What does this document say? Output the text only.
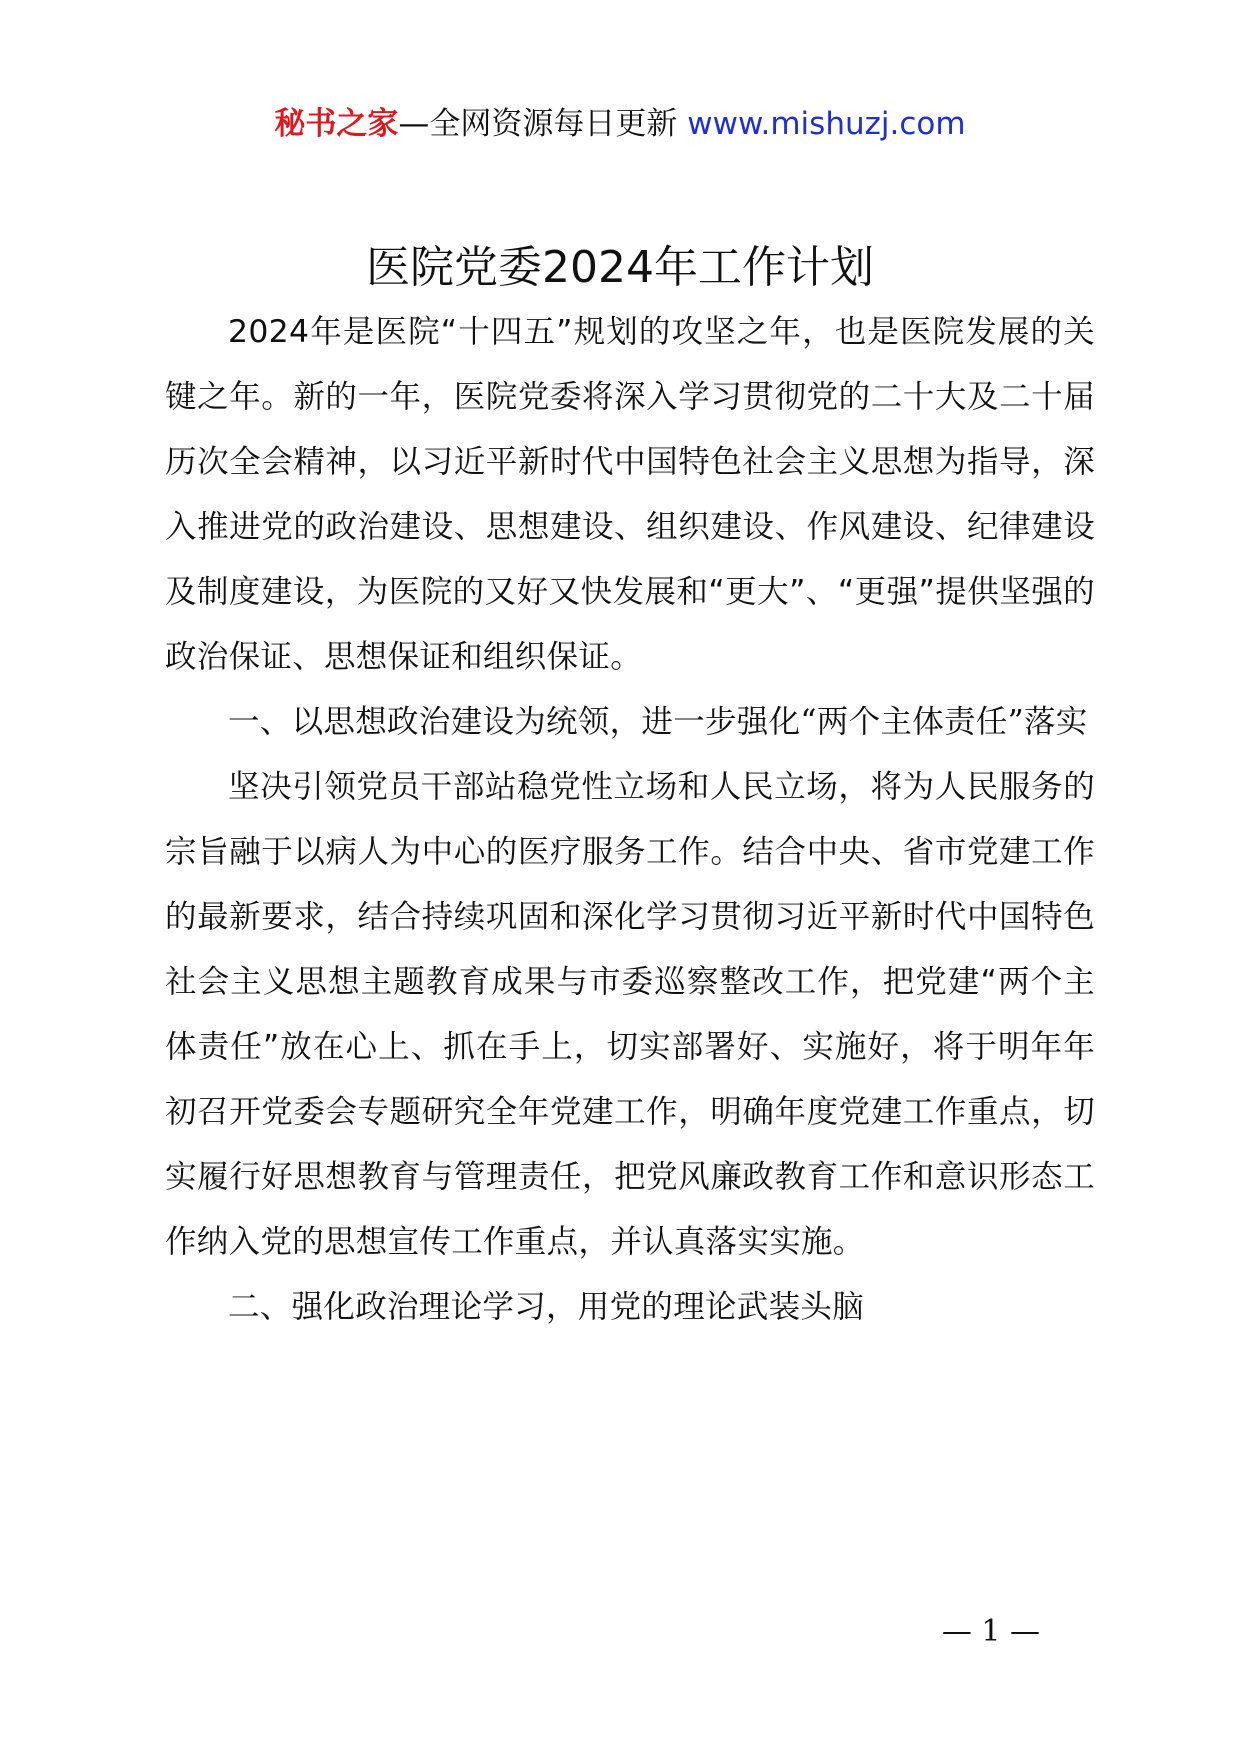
秘书之家—全网资源每日更新 www.mishuzj.com
医院党委2024年工作计划

2024年是医院“十四五”规划的攻坚之年，也是医院发展的关键之年。新的一年，医院党委将深入学习贯彻党的二十大及二十届历次全会精神，以习近平新时代中国特色社会主义思想为指导，深入推进党的政治建设、思想建设、组织建设、作风建设、纪律建设及制度建设，为医院的又好又快发展和“更大”、“更强”提供坚强的政治保证、思想保证和组织保证。

一、以思想政治建设为统领，进一步强化“两个主体责任”落实

坚决引领党员干部站稳党性立场和人民立场，将为人民服务的宗旨融于以病人为中心的医疗服务工作。结合中央、省市党建工作的最新要求，结合持续巩固和深化学习贯彻习近平新时代中国特色社会主义思想主题教育成果与市委巡察整改工作，把党建“两个主体责任”放在心上、抓在手上，切实部署好、实施好，将于明年年初召开党委会专题研究全年党建工作，明确年度党建工作重点，切实履行好思想教育与管理责任，把党风廉政教育工作和意识形态工作纳入党的思想宣传工作重点，并认真落实实施。

二、强化政治理论学习，用党的理论武装头脑

— 1 —
